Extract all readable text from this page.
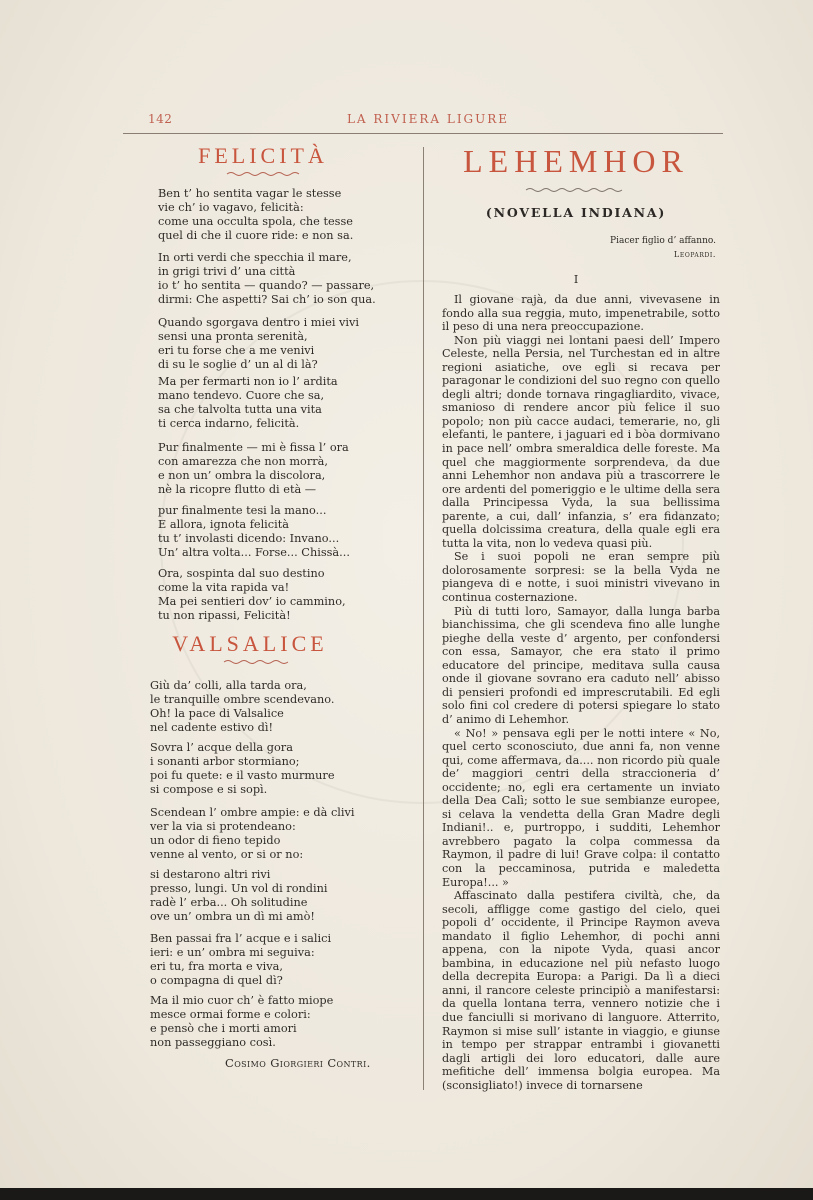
142	LA RIVIERA LIGURE
FELICITÀ
Ben t’ ho sentita vagar le stesse
vie ch’ io vagavo, felicità:
come una occulta spola, che tesse
quel di che il cuore ride: e non sa.
In orti verdi che specchia il mare,
in grigi trivi d’ una città
io t’ ho sentita — quando? — passare,
dirmi: Che aspetti? Sai ch’ io son qua.
Quando sgorgava dentro i miei vivi
sensi una pronta serenità,
eri tu forse che a me venivi
di su le soglie d’ un al di là?
Ma per fermarti non io l’ ardita
mano tendevo. Cuore che sa,
sa che talvolta tutta una vita
ti cerca indarno, felicità.
Pur finalmente — mi è fissa l’ ora
con amarezza che non morrà,
e non un’ ombra la discolora,
nè la ricopre flutto di età —
pur finalmente tesi la mano...
E allora, ignota felicità
tu t’ involasti dicendo: Invano...
Un’ altra volta... Forse... Chissà...
Ora, sospinta dal suo destino
come la vita rapida va!
Ma pei sentieri dov’ io cammino,
tu non ripassi, Felicità!
VALSALICE
Giù da’ colli, alla tarda ora,
le tranquille ombre scendevano.
Oh! la pace di Valsalice
nel cadente estivo dì!
Sovra l’ acque della gora
i sonanti arbor stormiano;
poi fu quete: e il vasto murmure
si compose e si sopì.
Scendean l’ ombre ampie: e dà clivi
ver la via si protendeano:
un odor di fieno tepido
venne al vento, or si or no:
si destarono altri rivi
presso, lungi. Un vol di rondini
radè l’ erba... Oh solitudine
ove un’ ombra un dì mi amò!
Ben passai fra l’ acque e i salici
ieri: e un’ ombra mi seguiva:
eri tu, fra morta e viva,
o compagna di quel dì?
Ma il mio cuor ch’ è fatto miope
mesce ormai forme e colori:
e pensò che i morti amori
non passeggiano così.
Cosimo Giorgieri Contri.
LEHEMHOR
(NOVELLA INDIANA)
Piacer figlio d’ affanno.
Leopardi.
I

Il giovane rajà, da due anni, vivevasene in fondo alla sua reggia, muto, impenetrabile, sotto il peso di una nera preoccupazione.

Non più viaggi nei lontani paesi dell’ Impero Celeste, nella Persia, nel Turchestan ed in altre regioni asiatiche, ove egli si recava per paragonar le condizioni del suo regno con quello degli altri; donde tornava ringagliardito, vivace, smanioso di rendere ancor più felice il suo popolo; non più cacce audaci, temerarie, no, gli elefanti, le pantere, i jaguari ed i bòa dormivano in pace nell’ ombra smeraldica delle foreste. Ma quel che maggiormente sorprendeva, da due anni Lehemhor non andava più a trascorrere le ore ardenti del pomeriggio e le ultime della sera dalla Principessa Vyda, la sua bellissima parente, a cui, dall’ infanzia, s’ era fidanzato; quella dolcissima creatura, della quale egli era tutta la vita, non lo vedeva quasi più.

Se i suoi popoli ne eran sempre più dolorosamente sorpresi: se la bella Vyda ne piangeva di e notte, i suoi ministri vivevano in continua costernazione.

Più di tutti loro, Samayor, dalla lunga barba bianchissima, che gli scendeva fino alle lunghe pieghe della veste d’ argento, per confondersi con essa, Samayor, che era stato il primo educatore del principe, meditava sulla causa onde il giovane sovrano era caduto nell’ abisso di pensieri profondi ed imprescrutabili. Ed egli solo fini col credere di potersi spiegare lo stato d’ animo di Lehemhor.

« No! » pensava egli per le notti intere « No, quel certo sconosciuto, due anni fa, non venne qui, come affermava, da.... non ricordo più quale de’ maggiori centri della straccioneria d’ occidente; no, egli era certamente un inviato della Dea Calì; sotto le sue sembianze europee, si celava la vendetta della Gran Madre degli Indiani!.. e, purtroppo, i sudditi, Lehemhor avrebbero pagato la colpa commessa da Raymon, il padre di lui! Grave colpa: il contatto con la peccaminosa, putrida e maledetta Europa!... »

Affascinato dalla pestifera civiltà, che, da secoli, affligge come gastigo del cielo, quei popoli d’ occidente, il Principe Raymon aveva mandato il figlio Lehemhor, di pochi anni appena, con la nipote Vyda, quasi ancor bambina, in educazione nel più nefasto luogo della decrepita Europa: a Parigi. Da lì a dieci anni, il rancore celeste principiò a manifestarsi: da quella lontana terra, vennero notizie che i due fanciulli si morivano di languore. Atterrito, Raymon si mise sull’ istante in viaggio, e giunse in tempo per strappar entrambi i giovanetti dagli artigli dei loro educatori, dalle aure mefitiche dell’ immensa bolgia europea. Ma (sconsigliato!) invece di tornarsene
